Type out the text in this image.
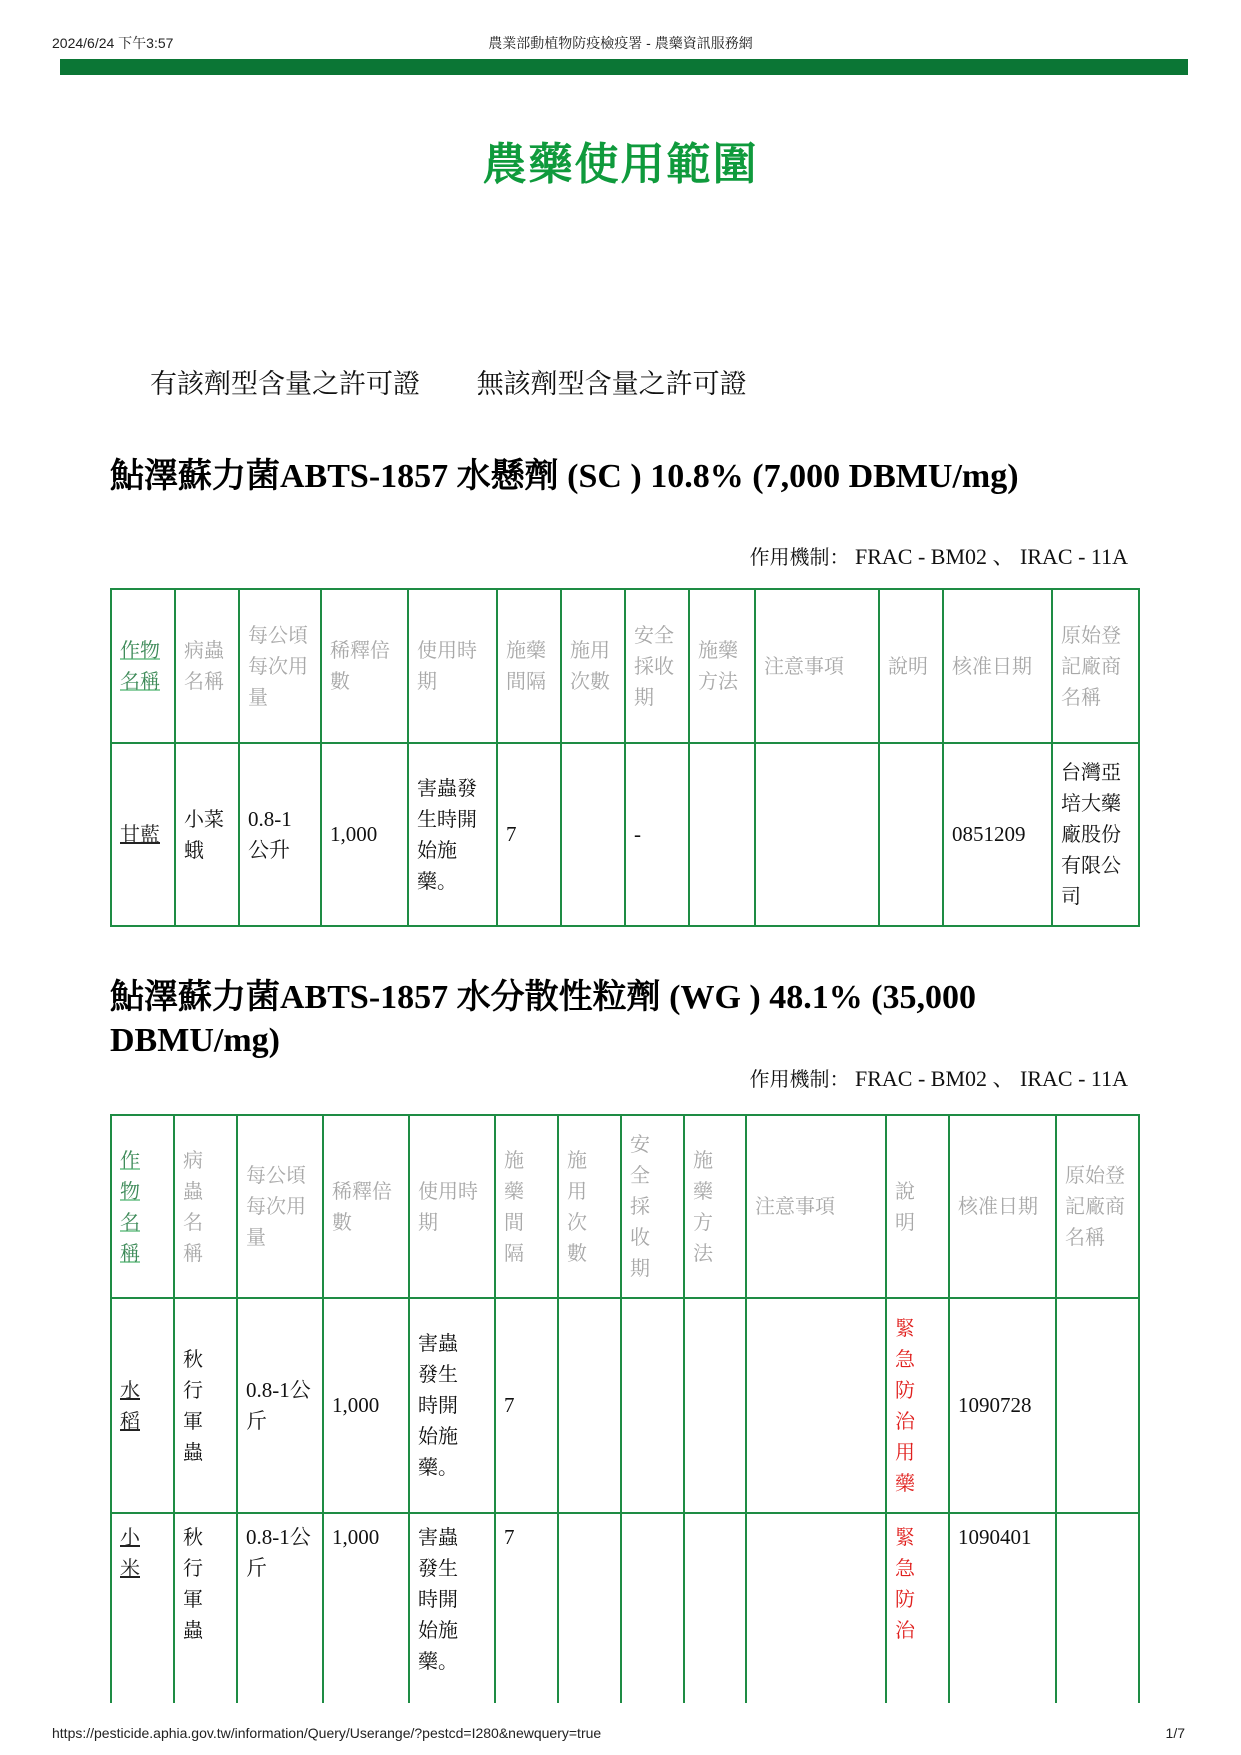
2024/6/24 下午3:57	農業部動植物防疫檢疫署 - 農藥資訊服務網
農藥使用範圍
有該劑型含量之許可證 無該劑型含量之許可證
鮎澤蘇力菌ABTS-1857 水懸劑 (SC ) 10.8% (7,000 DBMU/mg)
作用機制： FRAC - BM02 、 IRAC - 11A
作物名稱	病蟲名稱	每公頃每次用量	稀釋倍數	使用時期	施藥間隔	施用次數	安全採收期	施藥方法	注意事項	說明	核准日期	原始登記廠商名稱
甘藍	小菜蛾	0.8-1公升	1,000	害蟲發生時開始施藥。	7		-				0851209	台灣亞培大藥廠股份有限公司
鮎澤蘇力菌ABTS-1857 水分散性粒劑 (WG ) 48.1% (35,000 DBMU/mg)
作用機制： FRAC - BM02 、 IRAC - 11A
作物名稱	病蟲名稱	每公頃每次用量	稀釋倍數	使用時期	施藥間隔	施用次數	安全採收期	施藥方法	注意事項	說明	核准日期	原始登記廠商名稱
水稻	秋行軍蟲	0.8-1公斤	1,000	害蟲發生時開始施藥。	7					緊急防治用藥	1090728	
小米	秋行軍蟲	0.8-1公斤	1,000	害蟲發生時開始施藥。	7					緊急防治	1090401	
https://pesticide.aphia.gov.tw/information/Query/Userange/?pestcd=I280&newquery=true	1/7
